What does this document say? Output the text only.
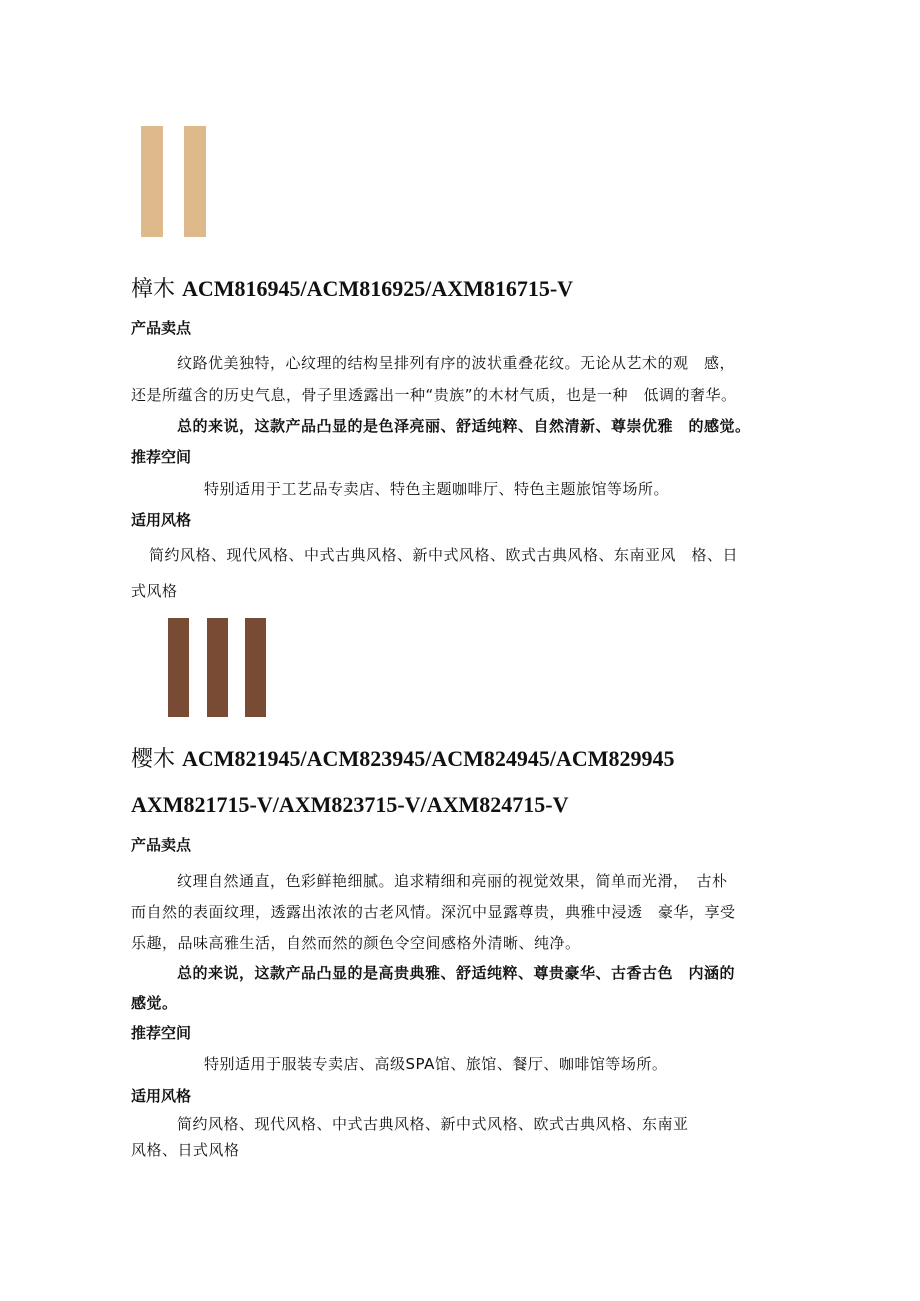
樟木 ACM816945/ACM816925/AXM816715-V
产品卖点
纹路优美独特，心纹理的结构呈排列有序的波状重叠花纹。无论从艺术的观　感，
还是所蕴含的历史气息，骨子里透露出一种“贵族”的木材气质，也是一种　低调的奢华。
总的来说，这款产品凸显的是色泽亮丽、舒适纯粹、自然清新、尊崇优雅　的感觉。
推荐空间
特别适用于工艺品专卖店、特色主题咖啡厅、特色主题旅馆等场所。
适用风格
简约风格、现代风格、中式古典风格、新中式风格、欧式古典风格、东南亚风　格、日
式风格
樱木 ACM821945/ACM823945/ACM824945/ACM829945
AXM821715-V/AXM823715-V/AXM824715-V
产品卖点
纹理自然通直，色彩鲜艳细腻。追求精细和亮丽的视觉效果，简单而光滑，　古朴
而自然的表面纹理，透露出浓浓的古老风情。深沉中显露尊贵，典雅中浸透　豪华，享受
乐趣，品味高雅生活，自然而然的颜色令空间感格外清晰、纯净。
总的来说，这款产品凸显的是高贵典雅、舒适纯粹、尊贵豪华、古香古色　内涵的
感觉。
推荐空间
特别适用于服装专卖店、高级SPA馆、旅馆、餐厅、咖啡馆等场所。
适用风格
简约风格、现代风格、中式古典风格、新中式风格、欧式古典风格、东南亚
风格、日式风格
